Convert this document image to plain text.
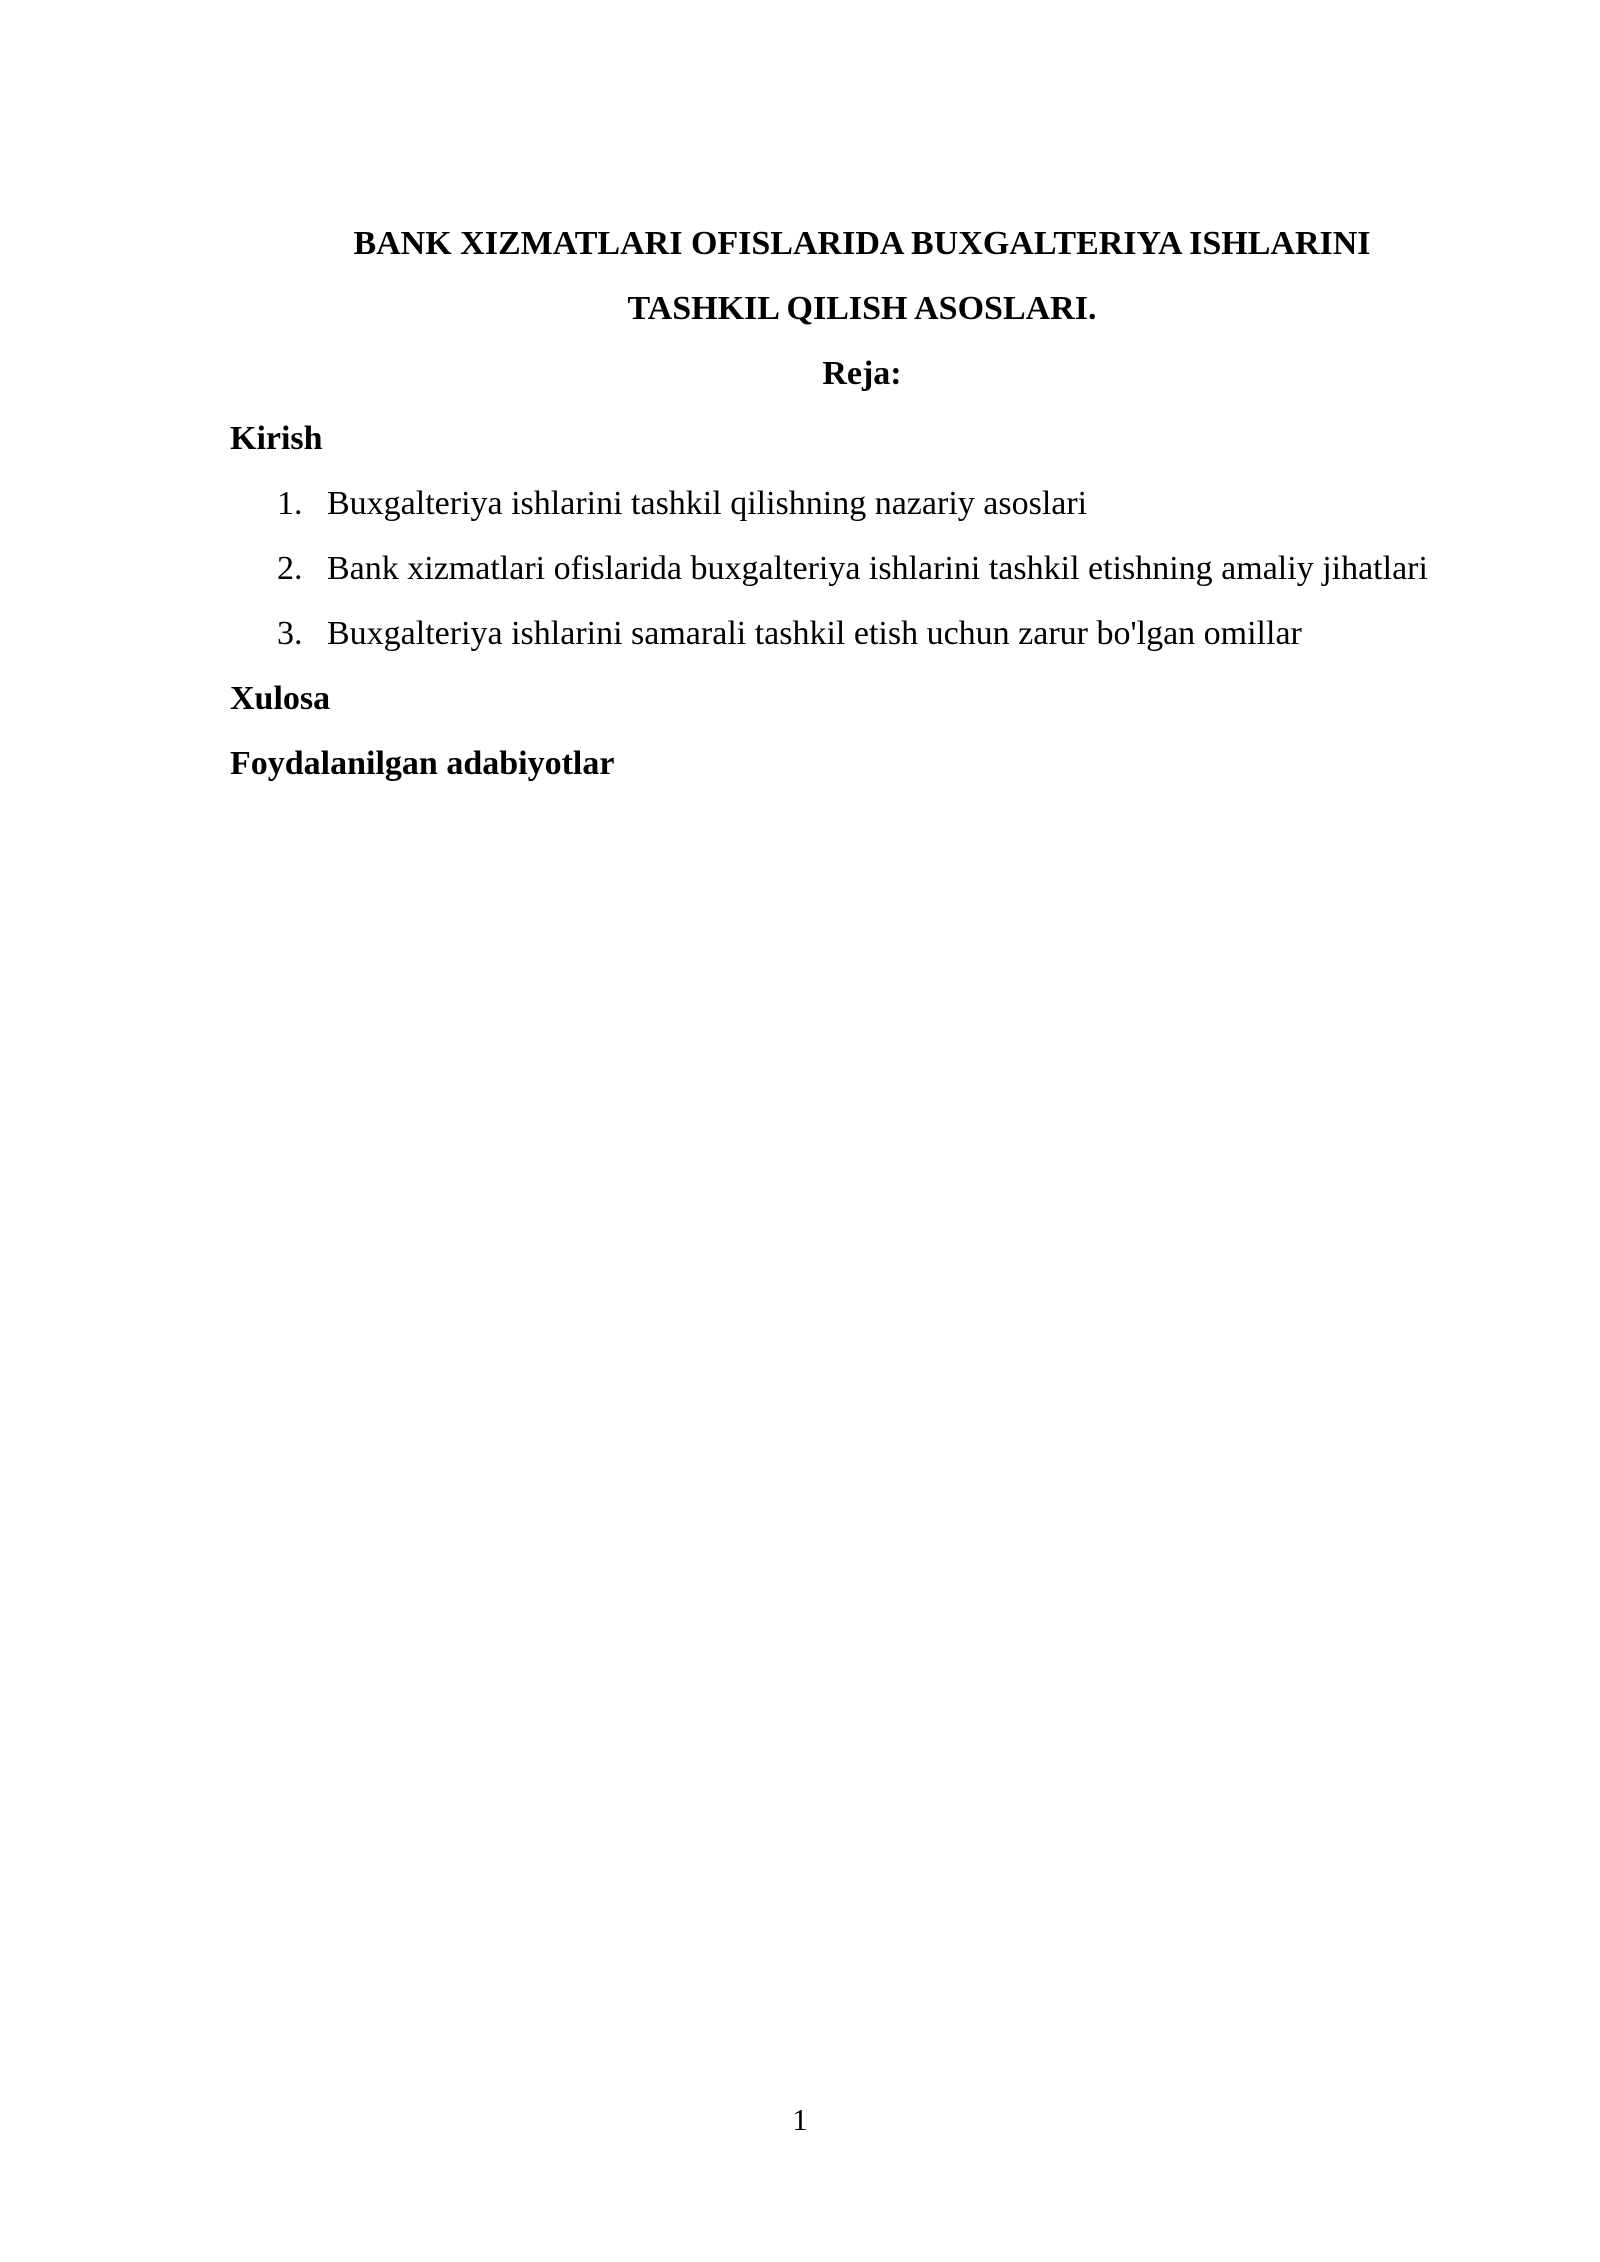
BANK XIZMATLARI OFISLARIDA BUXGALTERIYA ISHLARINI

TASHKIL QILISH ASOSLARI.

Reja:

Kirish

1. Buxgalteriya ishlarini tashkil qilishning nazariy asoslari
2. Bank xizmatlari ofislarida buxgalteriya ishlarini tashkil etishning amaliy jihatlari
3. Buxgalteriya ishlarini samarali tashkil etish uchun zarur bo'lgan omillar

Xulosa

Foydalanilgan adabiyotlar

1
